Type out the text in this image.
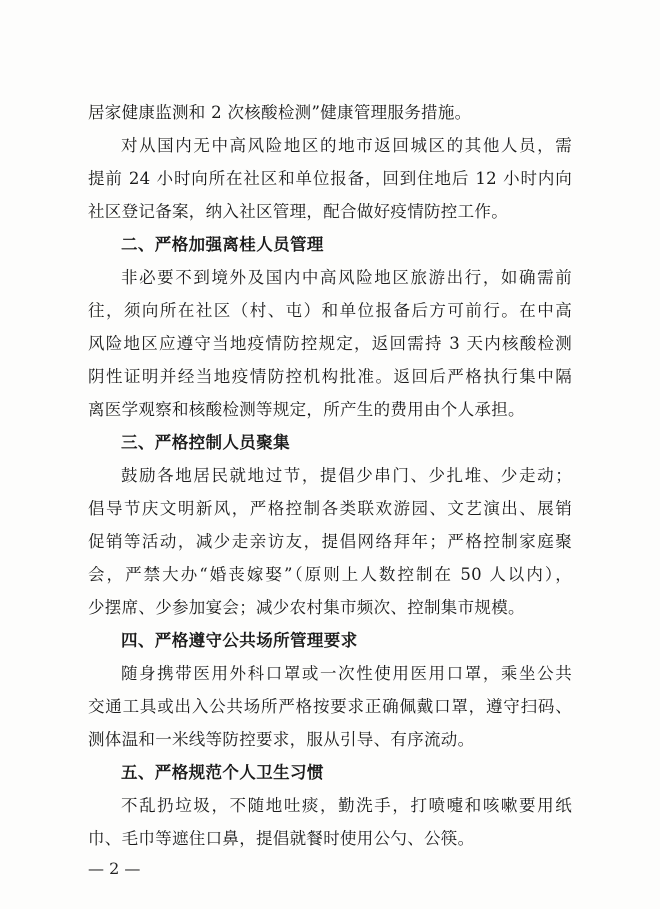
居家健康监测和 2 次核酸检测”健康管理服务措施。
对从国内无中高风险地区的地市返回城区的其他人员，需
提前 24 小时向所在社区和单位报备，回到住地后 12 小时内向
社区登记备案，纳入社区管理，配合做好疫情防控工作。
二、严格加强离桂人员管理
非必要不到境外及国内中高风险地区旅游出行，如确需前
往，须向所在社区（村、屯）和单位报备后方可前行。在中高
风险地区应遵守当地疫情防控规定，返回需持 3 天内核酸检测
阴性证明并经当地疫情防控机构批准。返回后严格执行集中隔
离医学观察和核酸检测等规定，所产生的费用由个人承担。
三、严格控制人员聚集
鼓励各地居民就地过节，提倡少串门、少扎堆、少走动；
倡导节庆文明新风，严格控制各类联欢游园、文艺演出、展销
促销等活动，减少走亲访友，提倡网络拜年；严格控制家庭聚
会，严禁大办“婚丧嫁娶”（原则上人数控制在 50 人以内），
少摆席、少参加宴会；减少农村集市频次、控制集市规模。
四、严格遵守公共场所管理要求
随身携带医用外科口罩或一次性使用医用口罩，乘坐公共
交通工具或出入公共场所严格按要求正确佩戴口罩，遵守扫码、
测体温和一米线等防控要求，服从引导、有序流动。
五、严格规范个人卫生习惯
不乱扔垃圾，不随地吐痰，勤洗手，打喷嚏和咳嗽要用纸
巾、毛巾等遮住口鼻，提倡就餐时使用公勺、公筷。
— 2 —
